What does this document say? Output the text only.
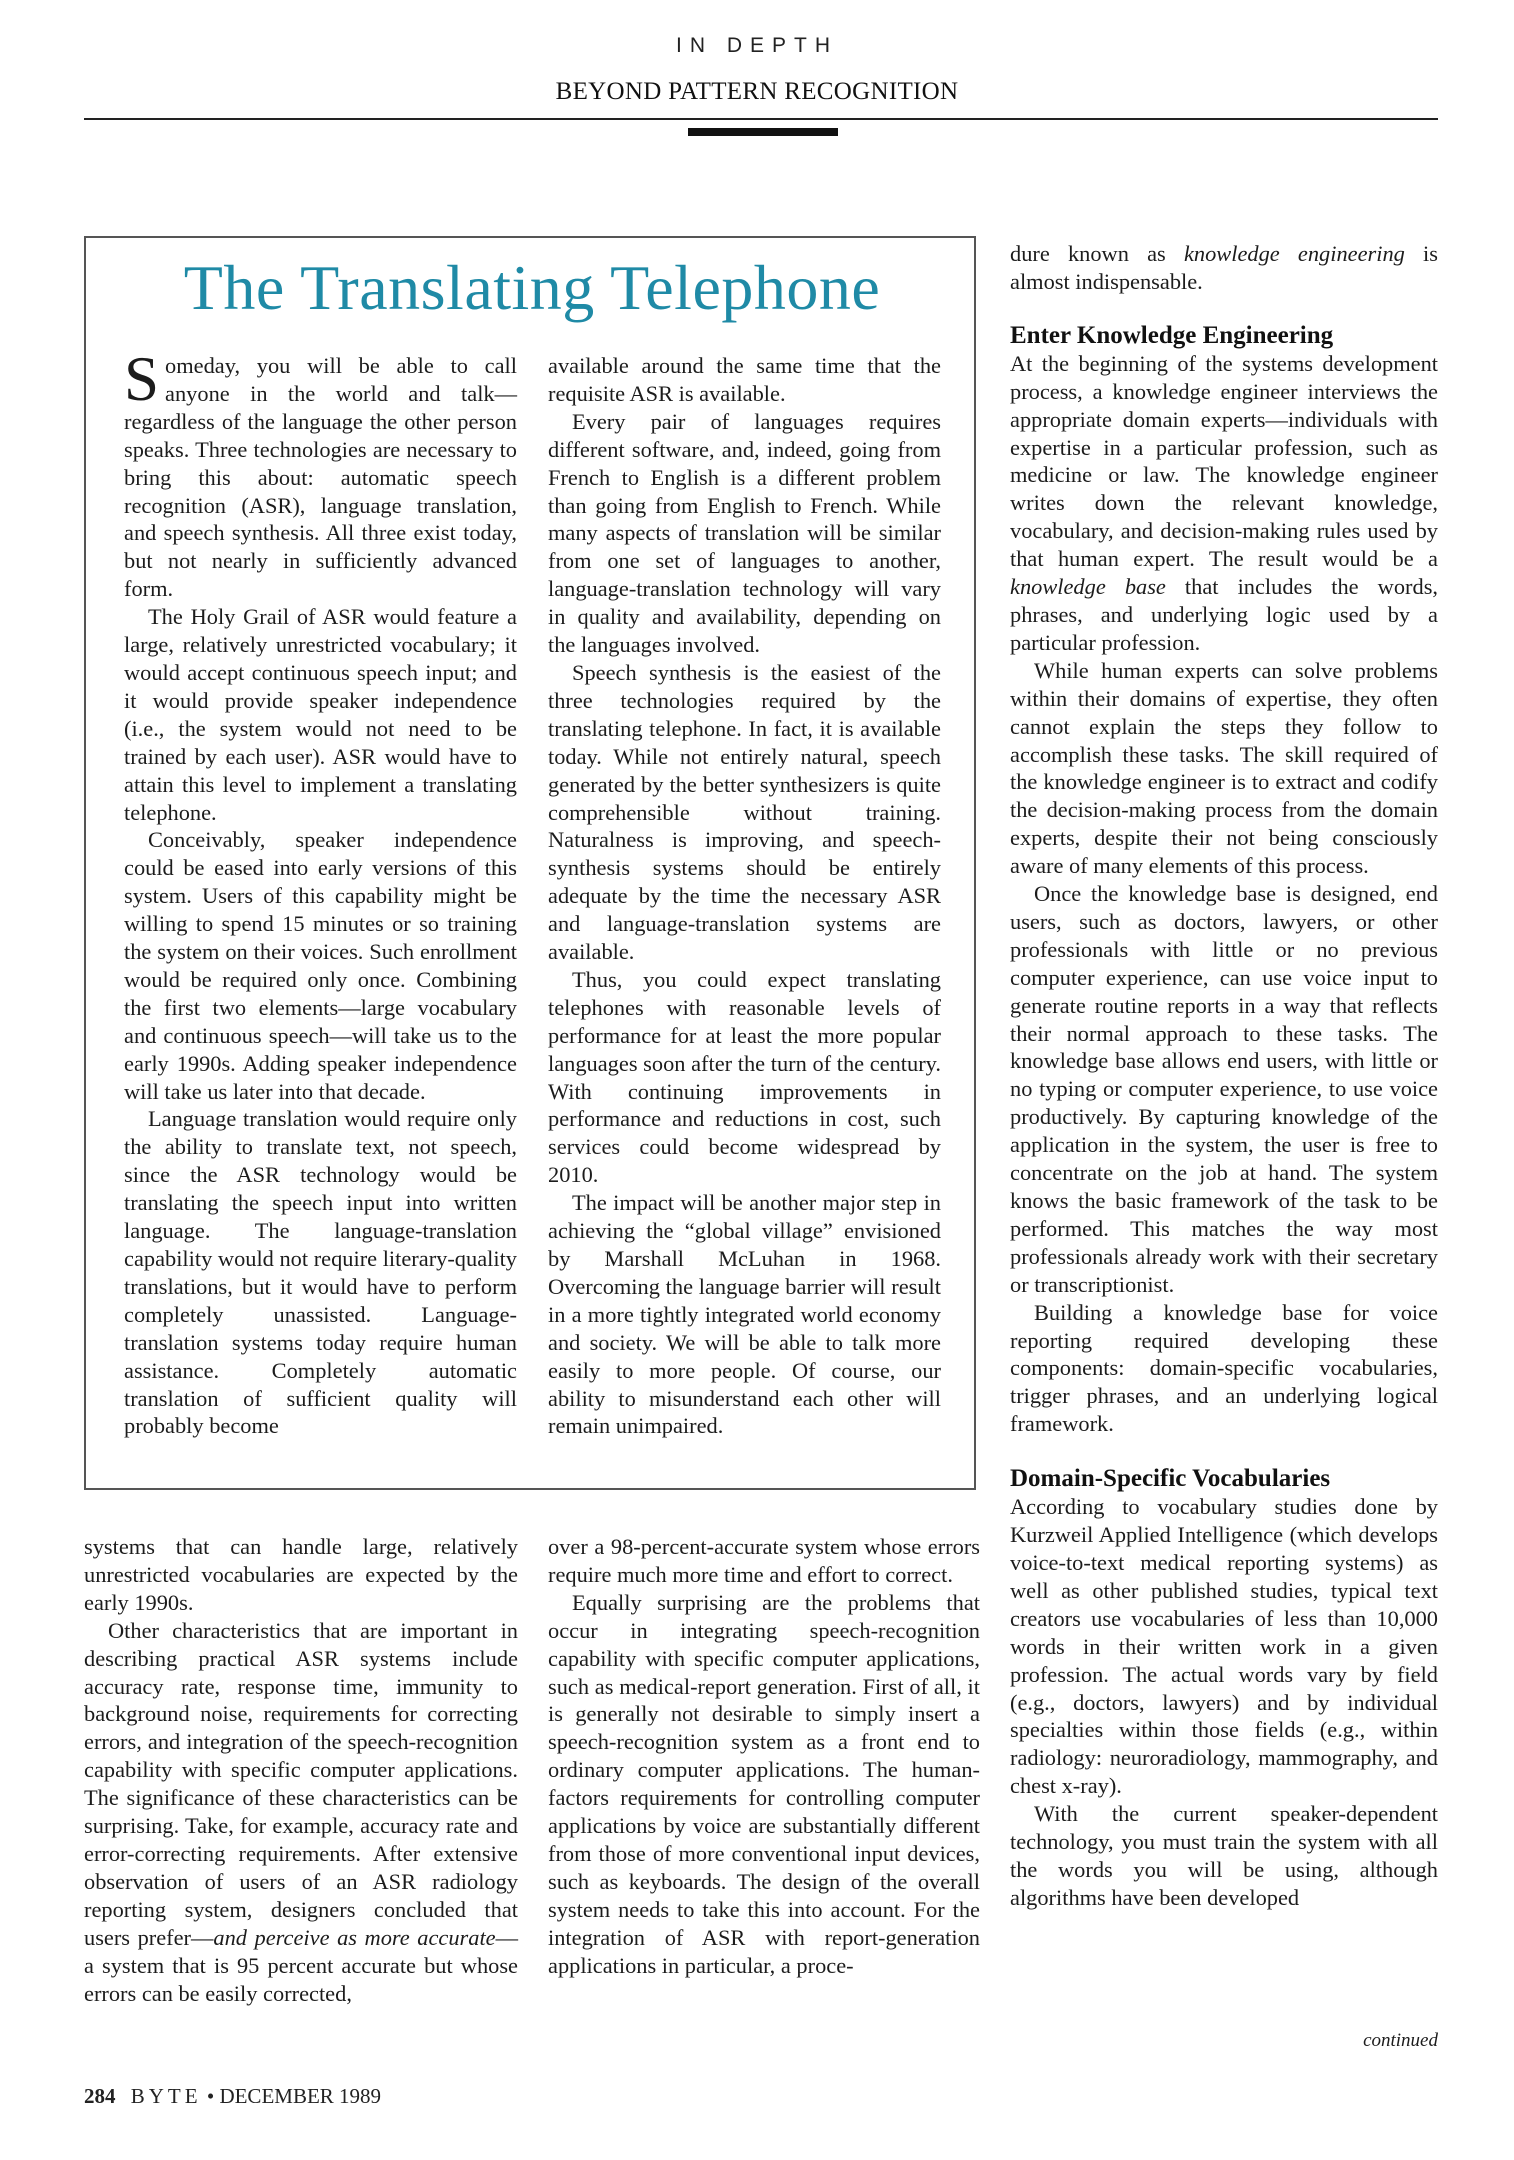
IN DEPTH
BEYOND PATTERN RECOGNITION
The Translating Telephone

Someday, you will be able to call anyone in the world and talk—regardless of the language the other person speaks. Three technologies are necessary to bring this about: automatic speech recognition (ASR), language translation, and speech synthesis. All three exist today, but not nearly in sufficiently advanced form.

The Holy Grail of ASR would feature a large, relatively unrestricted vocabulary; it would accept continuous speech input; and it would provide speaker independence (i.e., the system would not need to be trained by each user). ASR would have to attain this level to implement a translating telephone.

Conceivably, speaker independence could be eased into early versions of this system. Users of this capability might be willing to spend 15 minutes or so training the system on their voices. Such enrollment would be required only once. Combining the first two elements—large vocabulary and continuous speech—will take us to the early 1990s. Adding speaker independence will take us later into that decade.

Language translation would require only the ability to translate text, not speech, since the ASR technology would be translating the speech input into written language. The language-translation capability would not require literary-quality translations, but it would have to perform completely unassisted. Language-translation systems today require human assistance. Completely automatic translation of sufficient quality will probably become

available around the same time that the requisite ASR is available.

Every pair of languages requires different software, and, indeed, going from French to English is a different problem than going from English to French. While many aspects of translation will be similar from one set of languages to another, language-translation technology will vary in quality and availability, depending on the languages involved.

Speech synthesis is the easiest of the three technologies required by the translating telephone. In fact, it is available today. While not entirely natural, speech generated by the better synthesizers is quite comprehensible without training. Naturalness is improving, and speech-synthesis systems should be entirely adequate by the time the necessary ASR and language-translation systems are available.

Thus, you could expect translating telephones with reasonable levels of performance for at least the more popular languages soon after the turn of the century. With continuing improvements in performance and reductions in cost, such services could become widespread by 2010.

The impact will be another major step in achieving the “global village” envisioned by Marshall McLuhan in 1968. Overcoming the language barrier will result in a more tightly integrated world economy and society. We will be able to talk more easily to more people. Of course, our ability to misunderstand each other will remain unimpaired.

systems that can handle large, relatively unrestricted vocabularies are expected by the early 1990s.

Other characteristics that are important in describing practical ASR systems include accuracy rate, response time, immunity to background noise, requirements for correcting errors, and integration of the speech-recognition capability with specific computer applications. The significance of these characteristics can be surprising. Take, for example, accuracy rate and error-correcting requirements. After extensive observation of users of an ASR radiology reporting system, designers concluded that users prefer—and perceive as more accurate—a system that is 95 percent accurate but whose errors can be easily corrected,

over a 98-percent-accurate system whose errors require much more time and effort to correct.

Equally surprising are the problems that occur in integrating speech-recognition capability with specific computer applications, such as medical-report generation. First of all, it is generally not desirable to simply insert a speech-recognition system as a front end to ordinary computer applications. The human-factors requirements for controlling computer applications by voice are substantially different from those of more conventional input devices, such as keyboards. The design of the overall system needs to take this into account. For the integration of ASR with report-generation applications in particular, a proce-

dure known as knowledge engineering is almost indispensable.

Enter Knowledge Engineering

At the beginning of the systems development process, a knowledge engineer interviews the appropriate domain experts—individuals with expertise in a particular profession, such as medicine or law. The knowledge engineer writes down the relevant knowledge, vocabulary, and decision-making rules used by that human expert. The result would be a knowledge base that includes the words, phrases, and underlying logic used by a particular profession.

While human experts can solve problems within their domains of expertise, they often cannot explain the steps they follow to accomplish these tasks. The skill required of the knowledge engineer is to extract and codify the decision-making process from the domain experts, despite their not being consciously aware of many elements of this process.

Once the knowledge base is designed, end users, such as doctors, lawyers, or other professionals with little or no previous computer experience, can use voice input to generate routine reports in a way that reflects their normal approach to these tasks. The knowledge base allows end users, with little or no typing or computer experience, to use voice productively. By capturing knowledge of the application in the system, the user is free to concentrate on the job at hand. The system knows the basic framework of the task to be performed. This matches the way most professionals already work with their secretary or transcriptionist.

Building a knowledge base for voice reporting required developing these components: domain-specific vocabularies, trigger phrases, and an underlying logical framework.

Domain-Specific Vocabularies

According to vocabulary studies done by Kurzweil Applied Intelligence (which develops voice-to-text medical reporting systems) as well as other published studies, typical text creators use vocabularies of less than 10,000 words in their written work in a given profession. The actual words vary by field (e.g., doctors, lawyers) and by individual specialties within those fields (e.g., within radiology: neuroradiology, mammography, and chest x-ray).

With the current speaker-dependent technology, you must train the system with all the words you will be using, although algorithms have been developed

continued
284 BYTE • DECEMBER 1989
